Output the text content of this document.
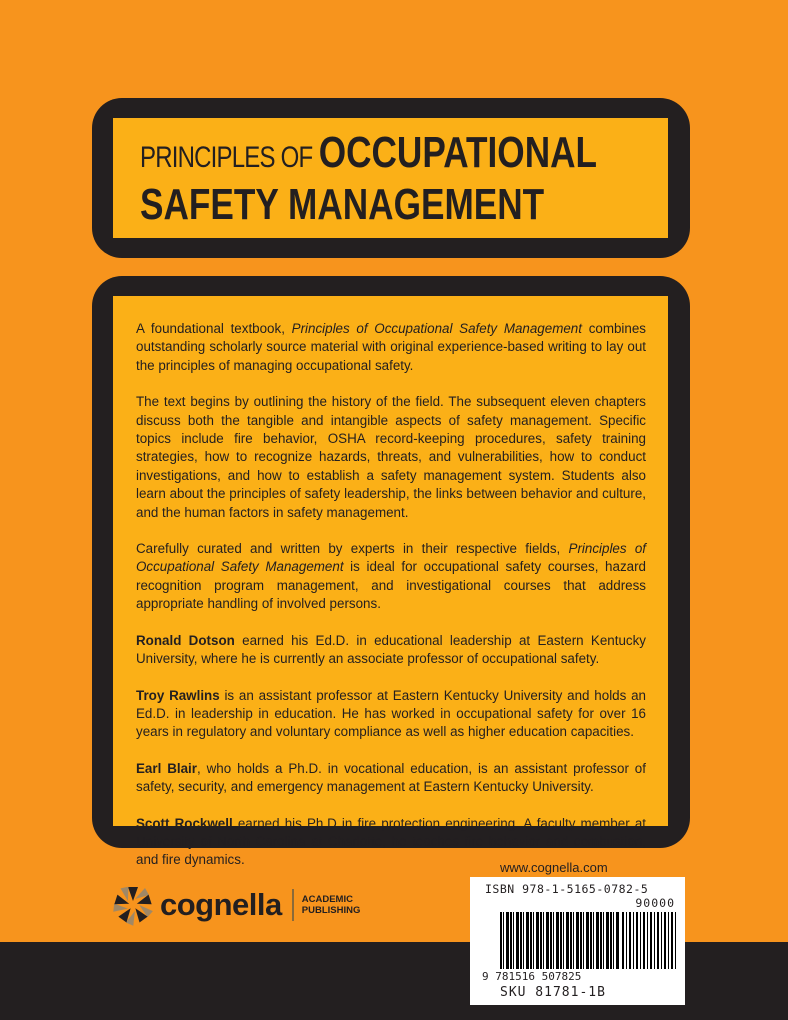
PRINCIPLES OF OCCUPATIONAL
SAFETY MANAGEMENT

A foundational textbook, Principles of Occupational Safety Management combines outstanding scholarly source material with original experience-based writing to lay out the principles of managing occupational safety.

The text begins by outlining the history of the field. The subsequent eleven chapters discuss both the tangible and intangible aspects of safety management. Specific topics include fire behavior, OSHA record-keeping procedures, safety training strategies, how to recognize hazards, threats, and vulnerabilities, how to conduct investigations, and how to establish a safety management system. Students also learn about the principles of safety leadership, the links between behavior and culture, and the human factors in safety management.

Carefully curated and written by experts in their respective fields, Principles of Occupational Safety Management is ideal for occupational safety courses, hazard recognition program management, and investigational courses that address appropriate handling of involved persons.

Ronald Dotson earned his Ed.D. in educational leadership at Eastern Kentucky University, where he is currently an associate professor of occupational safety.

Troy Rawlins is an assistant professor at Eastern Kentucky University and holds an Ed.D. in leadership in education. He has worked in occupational safety for over 16 years in regulatory and voluntary compliance as well as higher education capacities.

Earl Blair, who holds a Ph.D. in vocational education, is an assistant professor of safety, security, and emergency management at Eastern Kentucky University.

Scott Rockwell earned his Ph.D in fire protection engineering. A faculty member at University of North Carolina at Charlotte, he teaches fire behavior and combustion, and fire dynamics.

www.cognella.com
cognella ACADEMIC
PUBLISHING
ISBN 978-1-5165-0782-5
90000
9 781516 507825
SKU 81781-1B
